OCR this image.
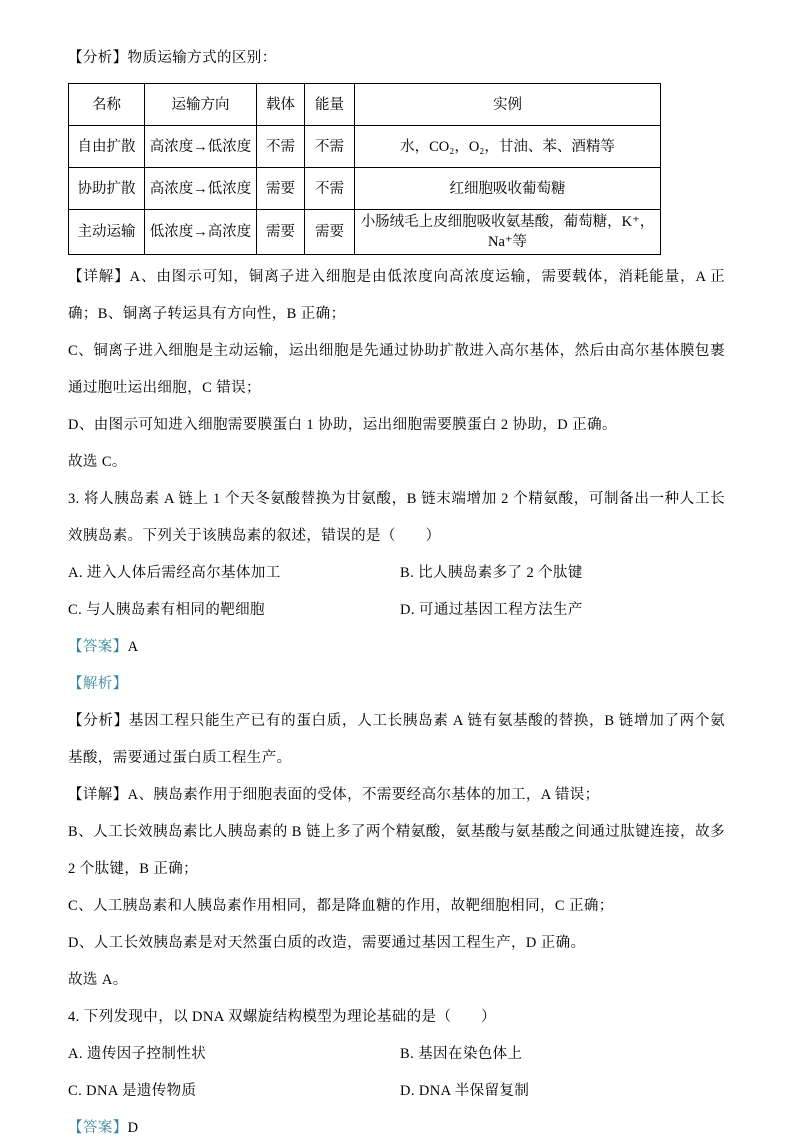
【分析】物质运输方式的区别：

名称	运输方向	载体	能量	实例
自由扩散	高浓度→低浓度	不需	不需	水，CO₂，O₂，甘油、苯、酒精等
协助扩散	高浓度→低浓度	需要	不需	红细胞吸收葡萄糖
主动运输	低浓度→高浓度	需要	需要	小肠绒毛上皮细胞吸收氨基酸，葡萄糖，K⁺，Na⁺等

【详解】A、由图示可知，铜离子进入细胞是由低浓度向高浓度运输，需要载体，消耗能量，A 正确；B、铜离子转运具有方向性，B 正确；

C、铜离子进入细胞是主动运输，运出细胞是先通过协助扩散进入高尔基体，然后由高尔基体膜包裹通过胞吐运出细胞，C 错误；

D、由图示可知进入细胞需要膜蛋白 1 协助，运出细胞需要膜蛋白 2 协助，D 正确。

故选 C。

3. 将人胰岛素 A 链上 1 个天冬氨酸替换为甘氨酸，B 链末端增加 2 个精氨酸，可制备出一种人工长效胰岛素。下列关于该胰岛素的叙述，错误的是（　　）

A. 进入人体后需经高尔基体加工	B. 比人胰岛素多了 2 个肽键
C. 与人胰岛素有相同的靶细胞	D. 可通过基因工程方法生产

【答案】A

【解析】

【分析】基因工程只能生产已有的蛋白质，人工长胰岛素 A 链有氨基酸的替换，B 链增加了两个氨基酸，需要通过蛋白质工程生产。

【详解】A、胰岛素作用于细胞表面的受体，不需要经高尔基体的加工，A 错误；

B、人工长效胰岛素比人胰岛素的 B 链上多了两个精氨酸，氨基酸与氨基酸之间通过肽键连接，故多 2 个肽键，B 正确；

C、人工胰岛素和人胰岛素作用相同，都是降血糖的作用，故靶细胞相同，C 正确；

D、人工长效胰岛素是对天然蛋白质的改造，需要通过基因工程生产，D 正确。

故选 A。

4. 下列发现中，以 DNA 双螺旋结构模型为理论基础的是（　　）

A. 遗传因子控制性状	B. 基因在染色体上
C. DNA 是遗传物质	D. DNA 半保留复制

【答案】D
